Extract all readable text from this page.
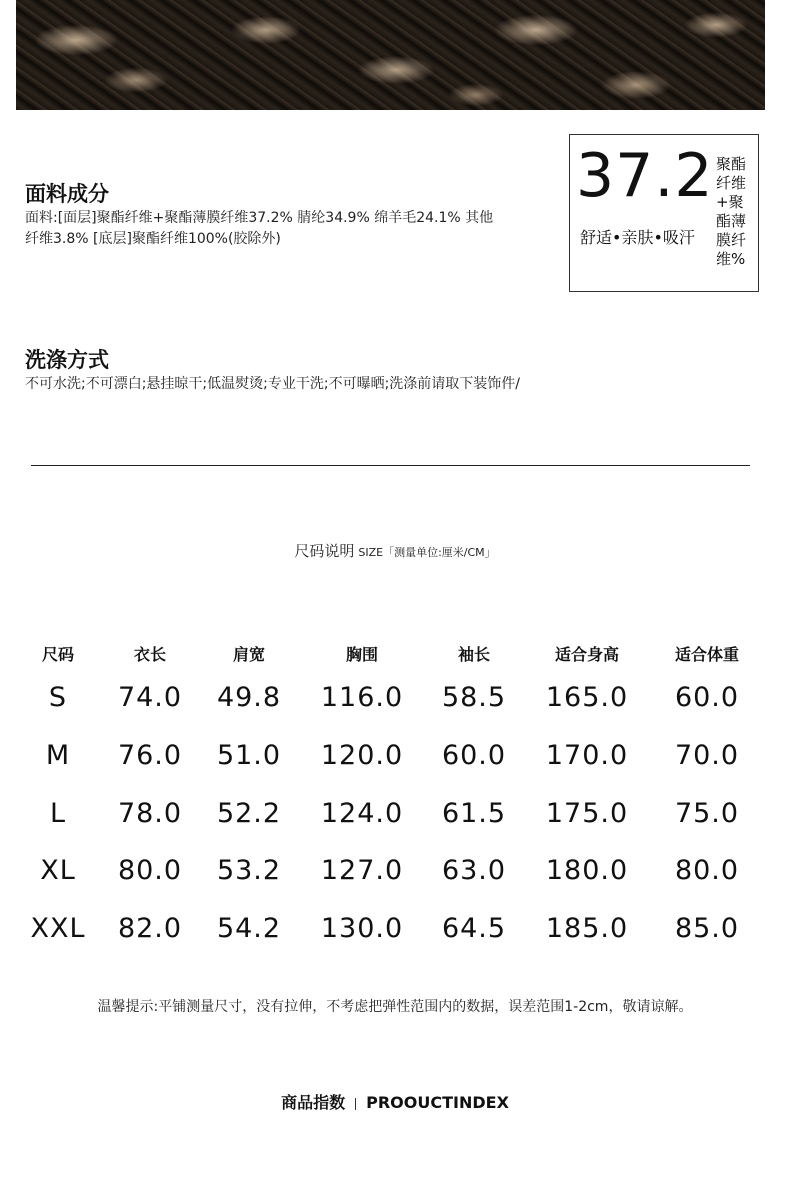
面料成分

面料:[面层]聚酯纤维+聚酯薄膜纤维37.2% 腈纶34.9% 绵羊毛24.1% 其他
纤维3.8% [底层]聚酯纤维100%(胶除外)

37.2 聚酯纤维+聚酯薄膜纤维%
舒适•亲肤•吸汗
洗涤方式

不可水洗;不可漂白;悬挂晾干;低温熨烫;专业干洗;不可曝晒;洗涤前请取下装饰件/

尺码说明 SIZE「测量单位:厘米/CM」
尺码	衣长	肩宽	胸围	袖长	适合身高	适合体重
S 74.0 49.8 116.0 58.5 165.0 60.0
M 76.0 51.0 120.0 60.0 170.0 70.0
L 78.0 52.2 124.0 61.5 175.0 75.0
XL 80.0 53.2 127.0 63.0 180.0 80.0
XXL 82.0 54.2 130.0 64.5 185.0 85.0
温馨提示:平铺测量尺寸，没有拉伸，不考虑把弹性范围内的数据，误差范围1-2cm，敬请谅解。
商品指数 PROOUCTINDEX
